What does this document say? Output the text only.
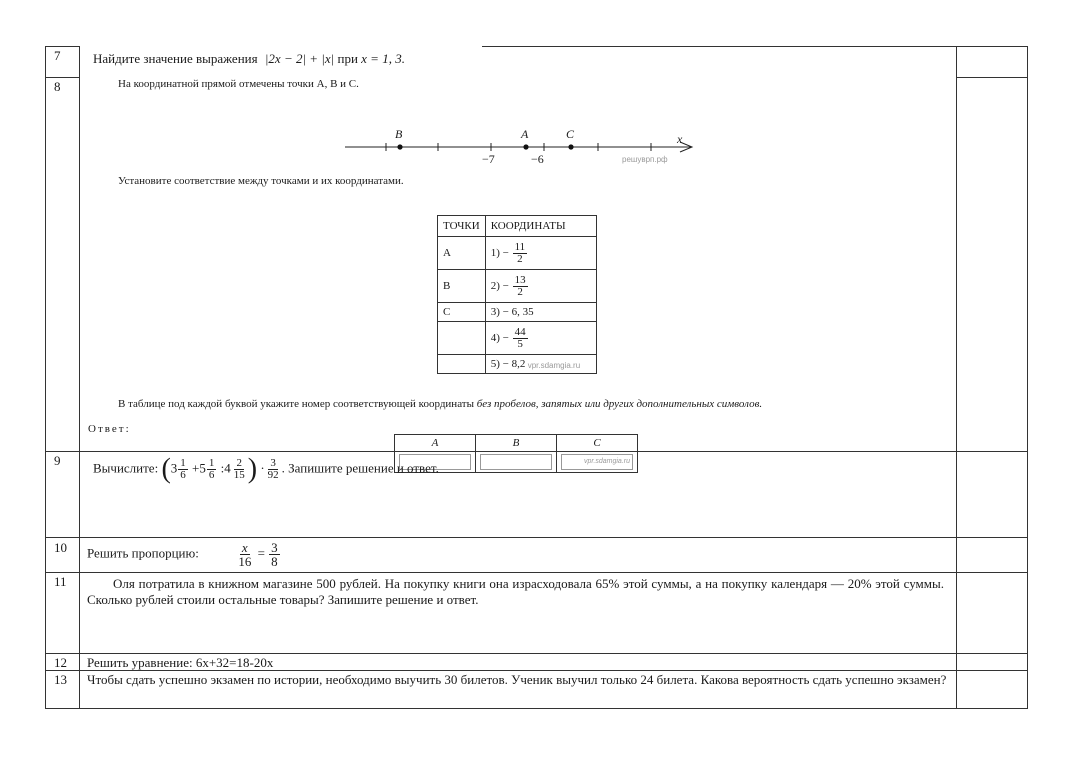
7
8
9
10
11
12
13
Найдите значение выражения |2x − 2| + |x| при x = 1, 3.
На координатной прямой отмечены точки A, B и C.
B	A	C
−7	−6
x
решуврп.рф
Установите соответствие между точками и их координатами.
ТОЧКИ	КООРДИНАТЫ
А	$1) - \frac{11}{2}$

В	$2) - \frac{13}{2}$

С	3) − 6, 35
	$4) - \frac{44}{5}$

	5) − 8,2 vpr.sdamgia.ru
В таблице под каждой буквой укажите номер соответствующей координаты без пробелов, запятых или других дополнительных символов.
Ответ:
A	B	C

		vpr.sdamgia.ru
Вычислите: ($3 \frac{1}{6} +5 \frac{1}{6}$ :4 $\frac{2}{15}$ ) · $\frac{3}{92}$ . Запишите решение и ответ.
Решить пропорцию:	$\frac{x}{16} = \frac{3}{8}$
Оля потратила в книжном магазине 500 рублей. На покупку книги она израсходовала 65% этой суммы, а на покупку календаря — 20% этой суммы. Сколько рублей стоили остальные товары? Запишите решение и ответ.
Решить уравнение: 6x+32=18-20x
Чтобы сдать успешно экзамен по истории, необходимо выучить 30 билетов. Ученик выучил только 24 билета. Какова вероятность сдать успешно экзамен?
